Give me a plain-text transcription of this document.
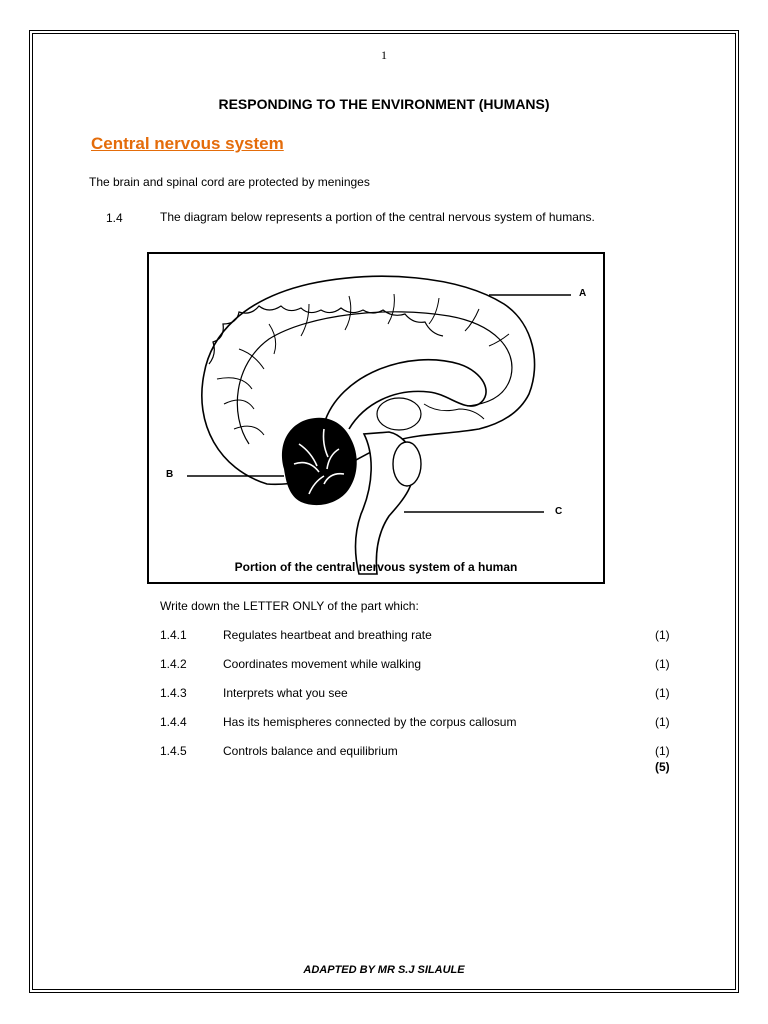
1
RESPONDING TO THE ENVIRONMENT (HUMANS)
Central nervous system
The brain and spinal cord are protected by meninges
1.4	The diagram below represents a portion of the central nervous system of humans.
A
B
C
Portion of the central nervous system of a human
Write down the LETTER ONLY of the part which:
1.4.1	Regulates heartbeat and breathing rate	(1)
1.4.2	Coordinates movement while walking	(1)
1.4.3	Interprets what you see	(1)
1.4.4	Has its hemispheres connected by the corpus callosum	(1)
1.4.5	Controls balance and equilibrium	(1)
(5)
ADAPTED BY MR S.J SILAULE
